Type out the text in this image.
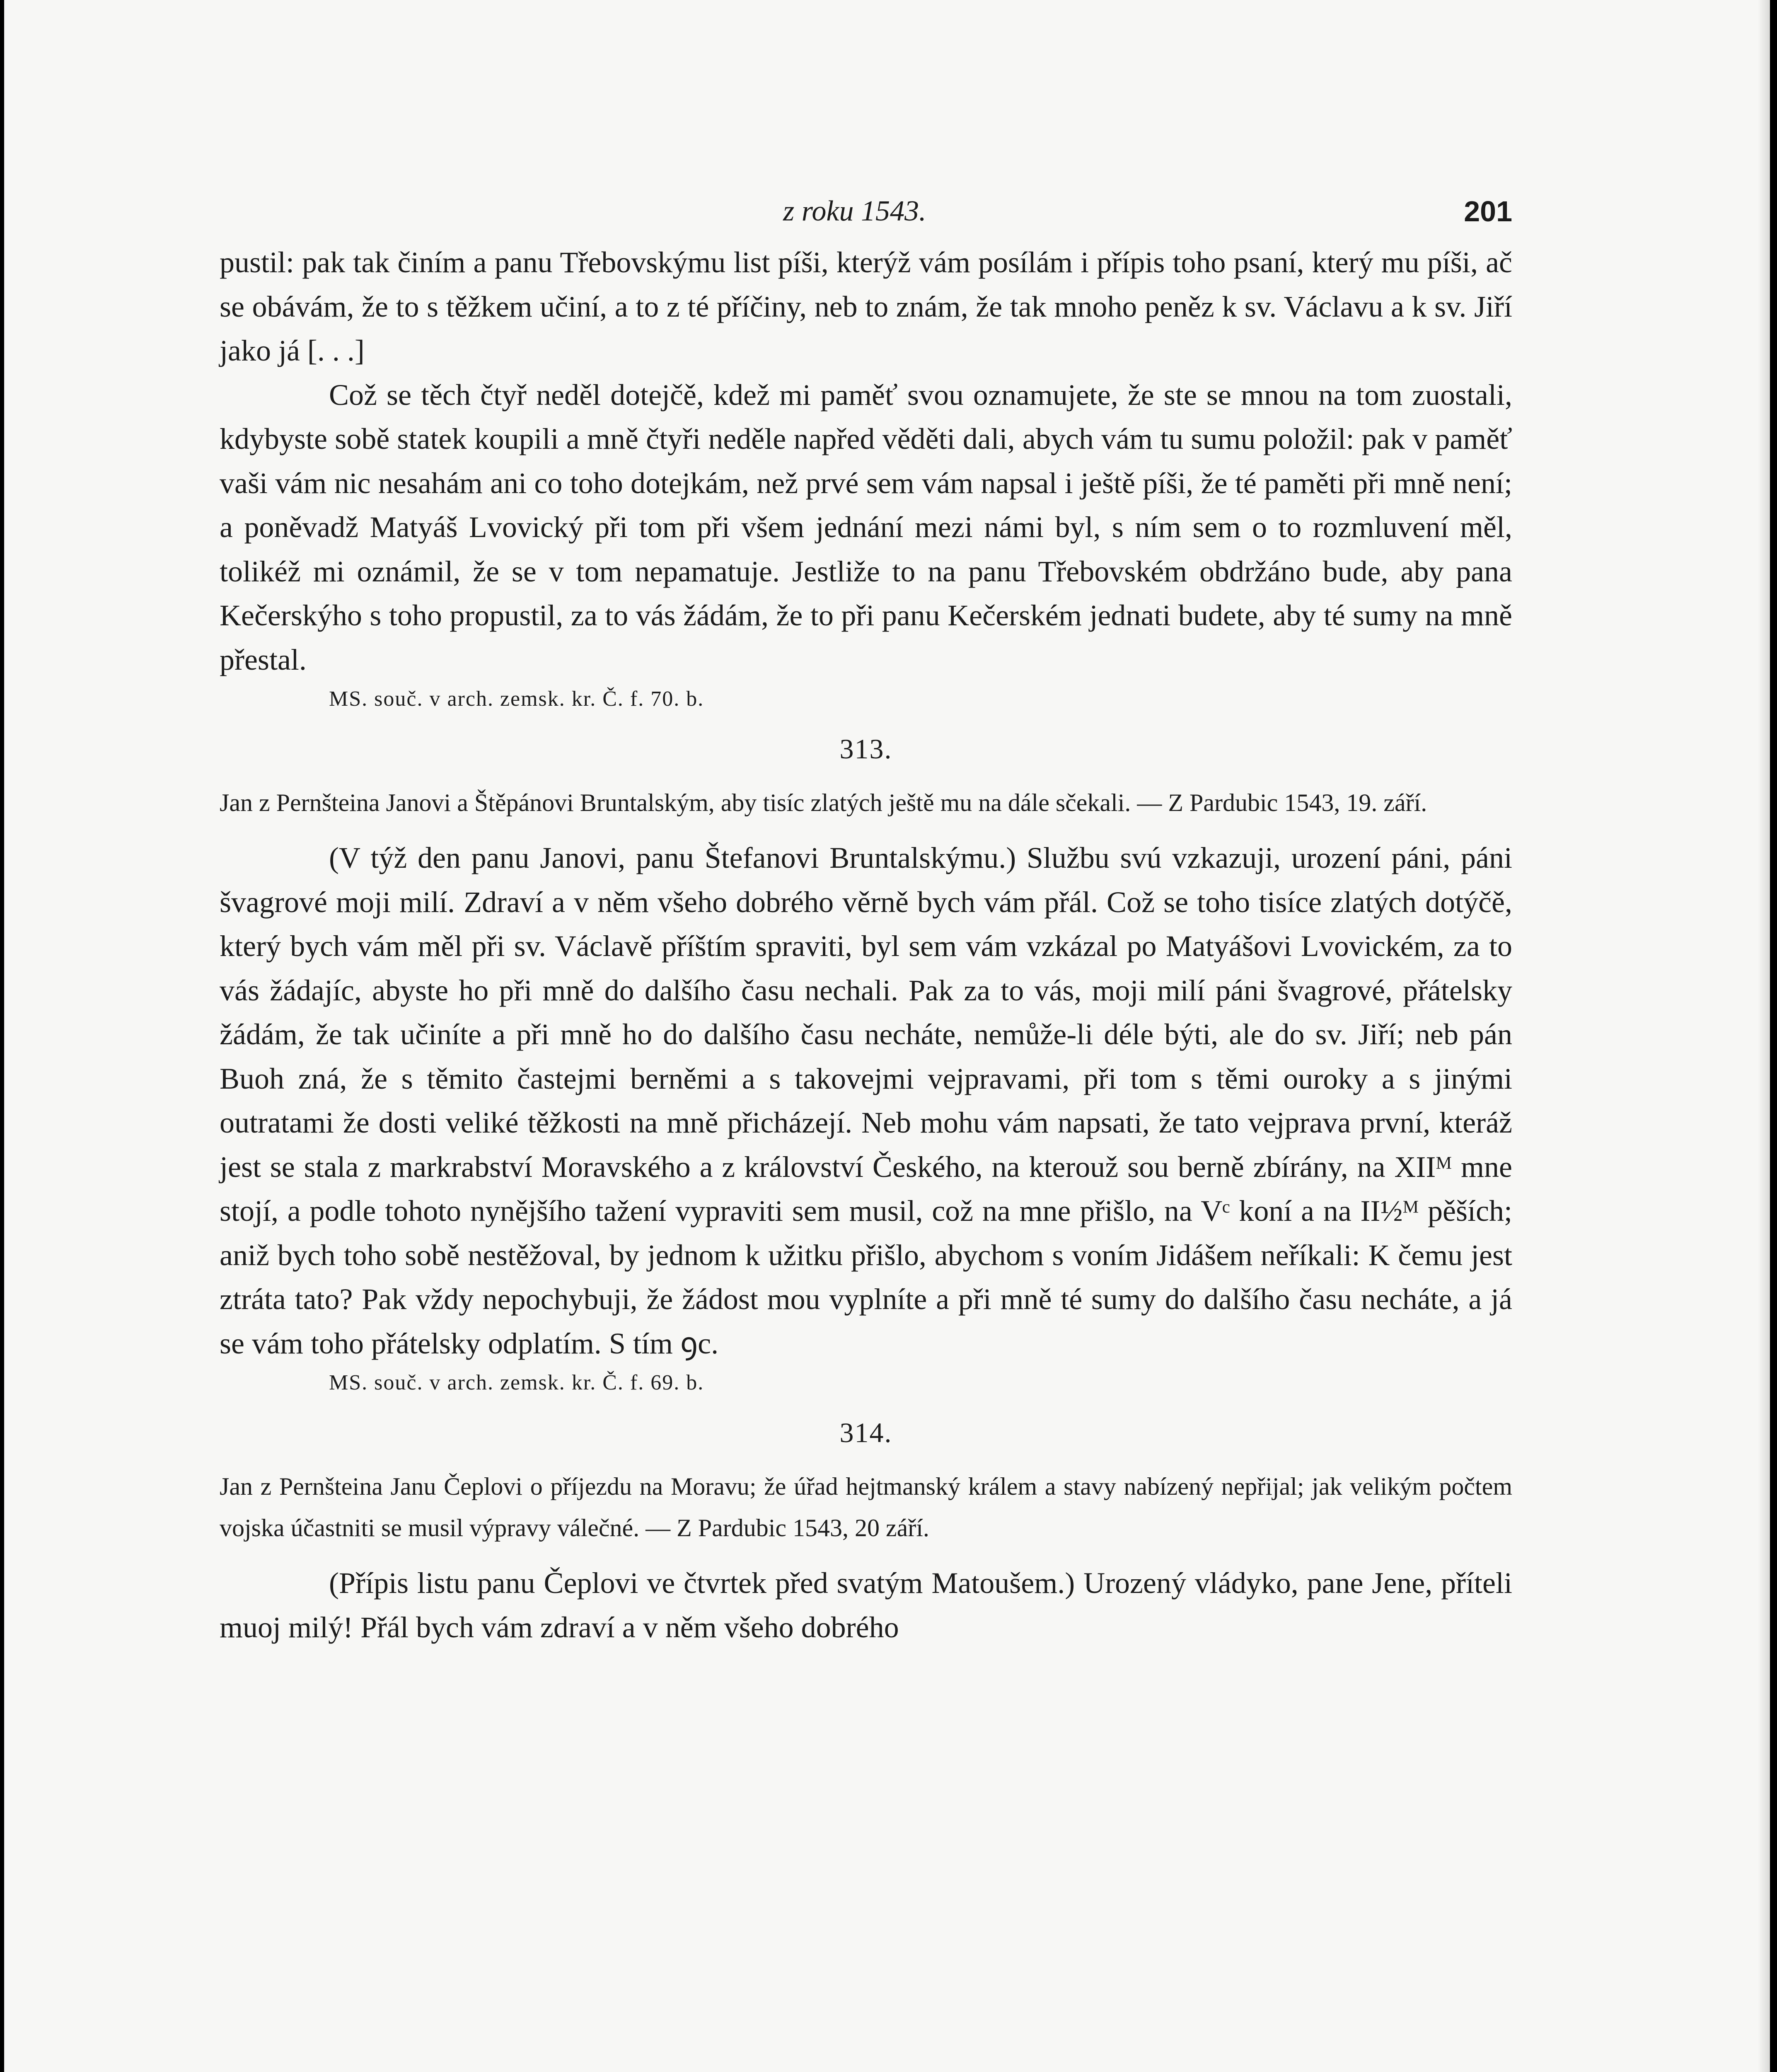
z roku 1543.	201

pustil: pak tak činím a panu Třebovskýmu list píši, kterýž vám posílám i přípis toho psaní, který mu píši, ač se obávám, že to s těžkem učiní, a to z té příčiny, neb to znám, že tak mnoho peněz k sv. Václavu a k sv. Jiří jako já [. . .]

Což se těch čtyř neděl dotejčě, kdež mi paměť svou oznamujete, že ste se mnou na tom zuostali, kdybyste sobě statek koupili a mně čtyři neděle napřed věděti dali, abych vám tu sumu položil: pak v paměť vaši vám nic nesahám ani co toho dotejkám, než prvé sem vám napsal i ještě píši, že té paměti při mně není; a poněvadž Matyáš Lvovický při tom při všem jednání mezi námi byl, s ním sem o to rozmluvení měl, tolikéž mi oznámil, že se v tom nepamatuje. Jestliže to na panu Třebovském obdržáno bude, aby pana Kečerskýho s toho propustil, za to vás žádám, že to při panu Kečerském jednati budete, aby té sumy na mně přestal.

MS. souč. v arch. zemsk. kr. Č. f. 70. b.
313.
Jan z Pernšteina Janovi a Štěpánovi Bruntalským, aby tisíc zlatých ještě mu na dále sčekali. — Z Pardubic 1543, 19. září.

(V týž den panu Janovi, panu Štefanovi Bruntalskýmu.) Službu svú vzkazuji, urození páni, páni švagrové moji milí. Zdraví a v něm všeho dobrého věrně bych vám přál. Což se toho tisíce zlatých dotýčě, který bych vám měl při sv. Václavě příštím spraviti, byl sem vám vzkázal po Matyášovi Lvovickém, za to vás žádajíc, abyste ho při mně do dalšího času nechali. Pak za to vás, moji milí páni švagrové, přátelsky žádám, že tak učiníte a při mně ho do dalšího času necháte, nemůže-li déle býti, ale do sv. Jiří; neb pán Buoh zná, že s těmito častejmi berněmi a s takovejmi vejpravami, při tom s těmi ouroky a s jinými outratami že dosti veliké těžkosti na mně přicházejí. Neb mohu vám napsati, že tato vejprava první, kteráž jest se stala z markrabství Moravského a z království Českého, na kterouž sou berně zbírány, na XIIᴹ mne stojí, a podle tohoto nynějšího tažení vypraviti sem musil, což na mne přišlo, na Vᶜ koní a na II½ᴹ pěších; aniž bych toho sobě nestěžoval, by jednom k užitku přišlo, abychom s voním Jidášem neříkali: K čemu jest ztráta tato? Pak vždy nepochybuji, že žádost mou vyplníte a při mně té sumy do dalšího času necháte, a já se vám toho přátelsky odplatím. S tím ꝯc.

MS. souč. v arch. zemsk. kr. Č. f. 69. b.
314.
Jan z Pernšteina Janu Čeplovi o příjezdu na Moravu; že úřad hejtmanský králem a stavy nabízený nepřijal; jak velikým počtem vojska účastniti se musil výpravy válečné. — Z Pardubic 1543, 20 září.

(Přípis listu panu Čeplovi ve čtvrtek před svatým Matoušem.) Urozený vládyko, pane Jene, příteli muoj milý! Přál bych vám zdraví a v něm všeho dobrého
